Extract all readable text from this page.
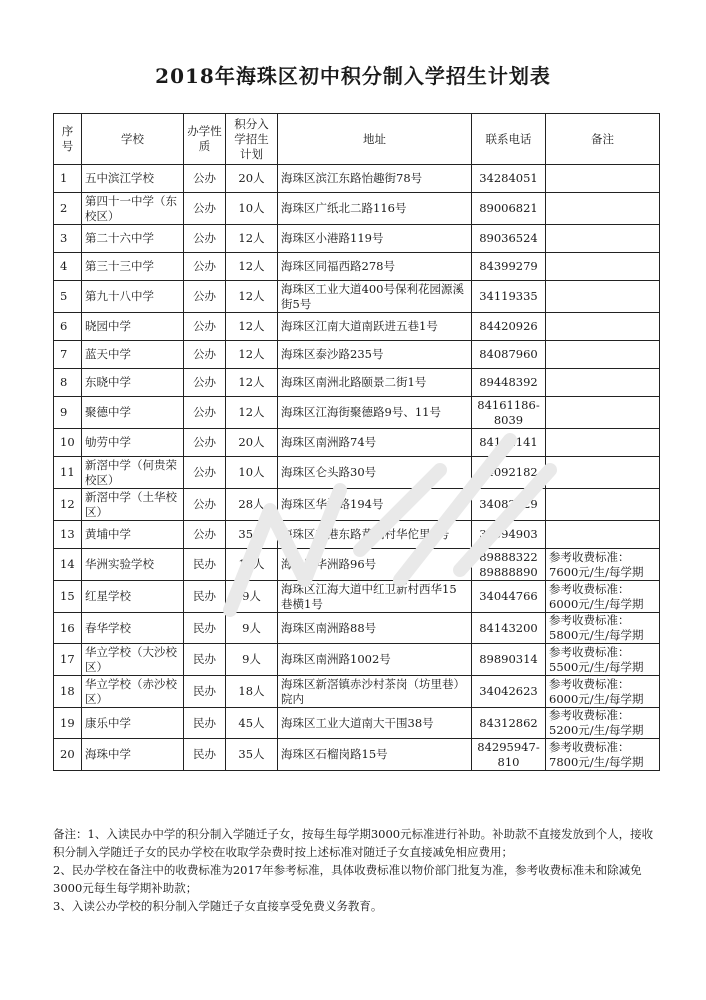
2018年海珠区初中积分制入学招生计划表
序号	学校	办学性质	积分入学招生计划	地址	联系电话	备注
1	五中滨江学校	公办	20人	海珠区滨江东路怡趣街78号	34284051	
2	第四十一中学（东校区）	公办	10人	海珠区广纸北二路116号	89006821	
3	第二十六中学	公办	12人	海珠区小港路119号	89036524	
4	第三十三中学	公办	12人	海珠区同福西路278号	84399279	
5	第九十八中学	公办	12人	海珠区工业大道400号保利花园源溪街5号	34119335	
6	晓园中学	公办	12人	海珠区江南大道南跃进五巷1号	84420926	
7	蓝天中学	公办	12人	海珠区泰沙路235号	84087960	
8	东晓中学	公办	12人	海珠区南洲北路颐景二街1号	89448392	
9	聚德中学	公办	12人	海珠区江海街聚德路9号、11号	84161186-8039	
10	劬劳中学	公办	20人	海珠区南洲路74号	84164141	
11	新滘中学（何贵荣校区）	公办	10人	海珠区仑头路30号	84092182	
12	新滘中学（土华校区）	公办	28人	海珠区华洲路194号	34082929	
13	黄埔中学	公办	35人	海珠区新港东路黄埔村华佗里6号	34094903	
14	华洲实验学校	民办	13人	海珠区华洲路96号	89888322 89888890	参考收费标准：7600元/生/每学期
15	红星学校	民办	9人	海珠区江海大道中红卫新村西华15巷横1号	34044766	参考收费标准：6000元/生/每学期
16	春华学校	民办	9人	海珠区南洲路88号	84143200	参考收费标准：5800元/生/每学期
17	华立学校（大沙校区）	民办	9人	海珠区南洲路1002号	89890314	参考收费标准：5500元/生/每学期
18	华立学校（赤沙校区）	民办	18人	海珠区新滘镇赤沙村茶岗（坊里巷）院内	34042623	参考收费标准：6000元/生/每学期
19	康乐中学	民办	45人	海珠区工业大道南大干围38号	84312862	参考收费标准：5200元/生/每学期
20	海珠中学	民办	35人	海珠区石榴岗路15号	84295947-810	参考收费标准：7800元/生/每学期

备注：1、入读民办中学的积分制入学随迁子女，按每生每学期3000元标准进行补助。补助款不直接发放到个人，接收积分制入学随迁子女的民办学校在收取学杂费时按上述标准对随迁子女直接减免相应费用；

2、民办学校在备注中的收费标准为2017年参考标准，具体收费标准以物价部门批复为准，参考收费标准未和除减免3000元每生每学期补助款；

3、入读公办学校的积分制入学随迁子女直接享受免费义务教育。
